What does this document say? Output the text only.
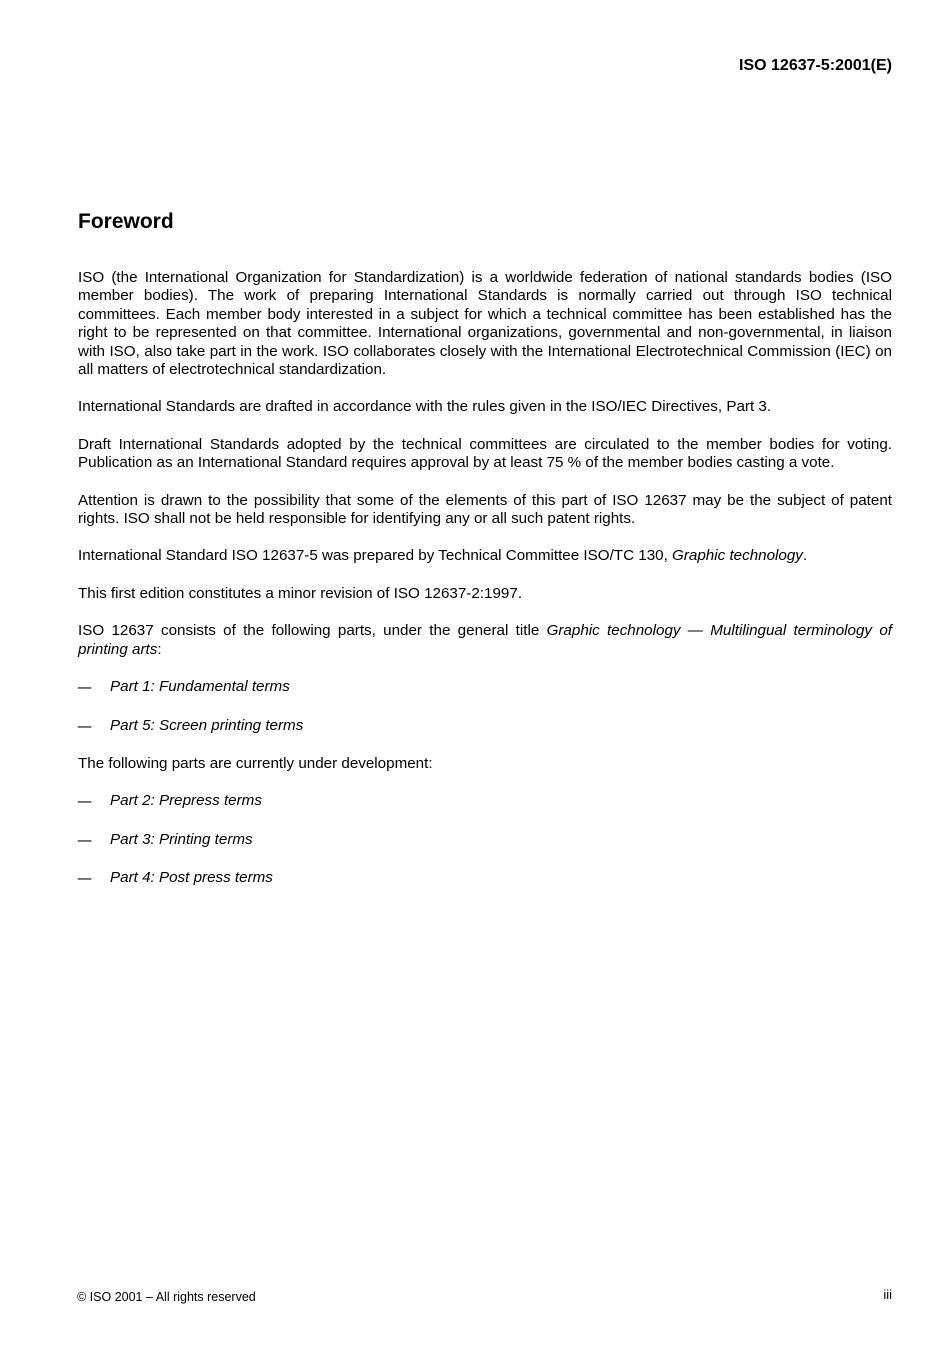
ISO 12637-5:2001(E)
Foreword

ISO (the International Organization for Standardization) is a worldwide federation of national standards bodies (ISO member bodies). The work of preparing International Standards is normally carried out through ISO technical committees. Each member body interested in a subject for which a technical committee has been established has the right to be represented on that committee. International organizations, governmental and non-governmental, in liaison with ISO, also take part in the work. ISO collaborates closely with the International Electrotechnical Commission (IEC) on all matters of electrotechnical standardization.

International Standards are drafted in accordance with the rules given in the ISO/IEC Directives, Part 3.

Draft International Standards adopted by the technical committees are circulated to the member bodies for voting. Publication as an International Standard requires approval by at least 75 % of the member bodies casting a vote.

Attention is drawn to the possibility that some of the elements of this part of ISO 12637 may be the subject of patent rights. ISO shall not be held responsible for identifying any or all such patent rights.

International Standard ISO 12637-5 was prepared by Technical Committee ISO/TC 130, Graphic technology.

This first edition constitutes a minor revision of ISO 12637-2:1997.

ISO 12637 consists of the following parts, under the general title Graphic technology — Multilingual terminology of printing arts:

— Part 1: Fundamental terms
— Part 5: Screen printing terms

The following parts are currently under development:

— Part 2: Prepress terms
— Part 3: Printing terms
— Part 4: Post press terms
© ISO 2001 – All rights reserved	iii
